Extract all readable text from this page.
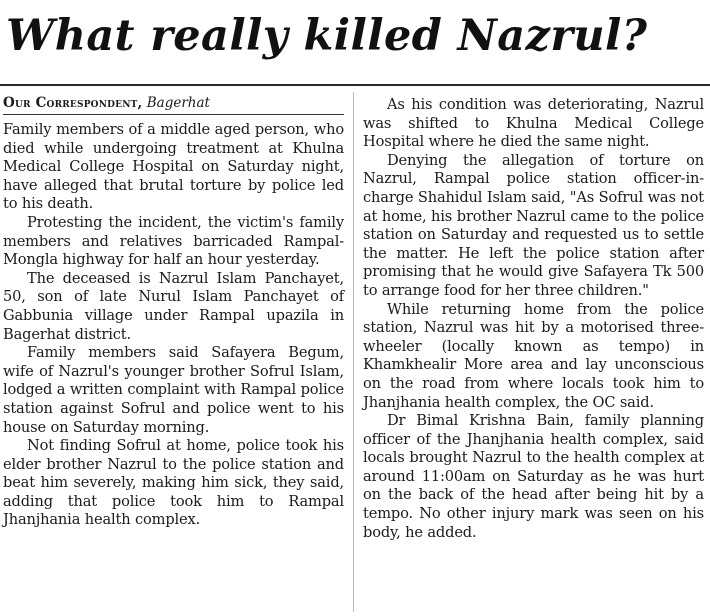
What really killed Nazrul?
Our Correspondent, Bagerhat

Family members of a middle aged person, who died while undergoing treatment at Khulna Medical College Hospital on Saturday night, have alleged that brutal torture by police led to his death.

Protesting the incident, the victim's family members and relatives barricaded Rampal-Mongla highway for half an hour yesterday.

The deceased is Nazrul Islam Panchayet, 50, son of late Nurul Islam Panchayet of Gabbunia village under Rampal upazila in Bagerhat district.

Family members said Safayera Begum, wife of Nazrul's younger brother Sofrul Islam, lodged a written complaint with Rampal police station against Sofrul and police went to his house on Saturday morning.

Not finding Sofrul at home, police took his elder brother Nazrul to the police station and beat him severely, making him sick, they said, adding that police took him to Rampal Jhanjhania health complex.

As his condition was deteriorating, Nazrul was shifted to Khulna Medical College Hospital where he died the same night.

Denying the allegation of torture on Nazrul, Rampal police station officer-in-charge Shahidul Islam said, "As Sofrul was not at home, his brother Nazrul came to the police station on Saturday and requested us to settle the matter. He left the police station after promising that he would give Safayera Tk 500 to arrange food for her three children."

While returning home from the police station, Nazrul was hit by a motorised three-wheeler (locally known as tempo) in Khamkhealir More area and lay unconscious on the road from where locals took him to Jhanjhania health complex, the OC said.

Dr Bimal Krishna Bain, family planning officer of the Jhanjhania health complex, said locals brought Nazrul to the health complex at around 11:00am on Saturday as he was hurt on the back of the head after being hit by a tempo. No other injury mark was seen on his body, he added.
